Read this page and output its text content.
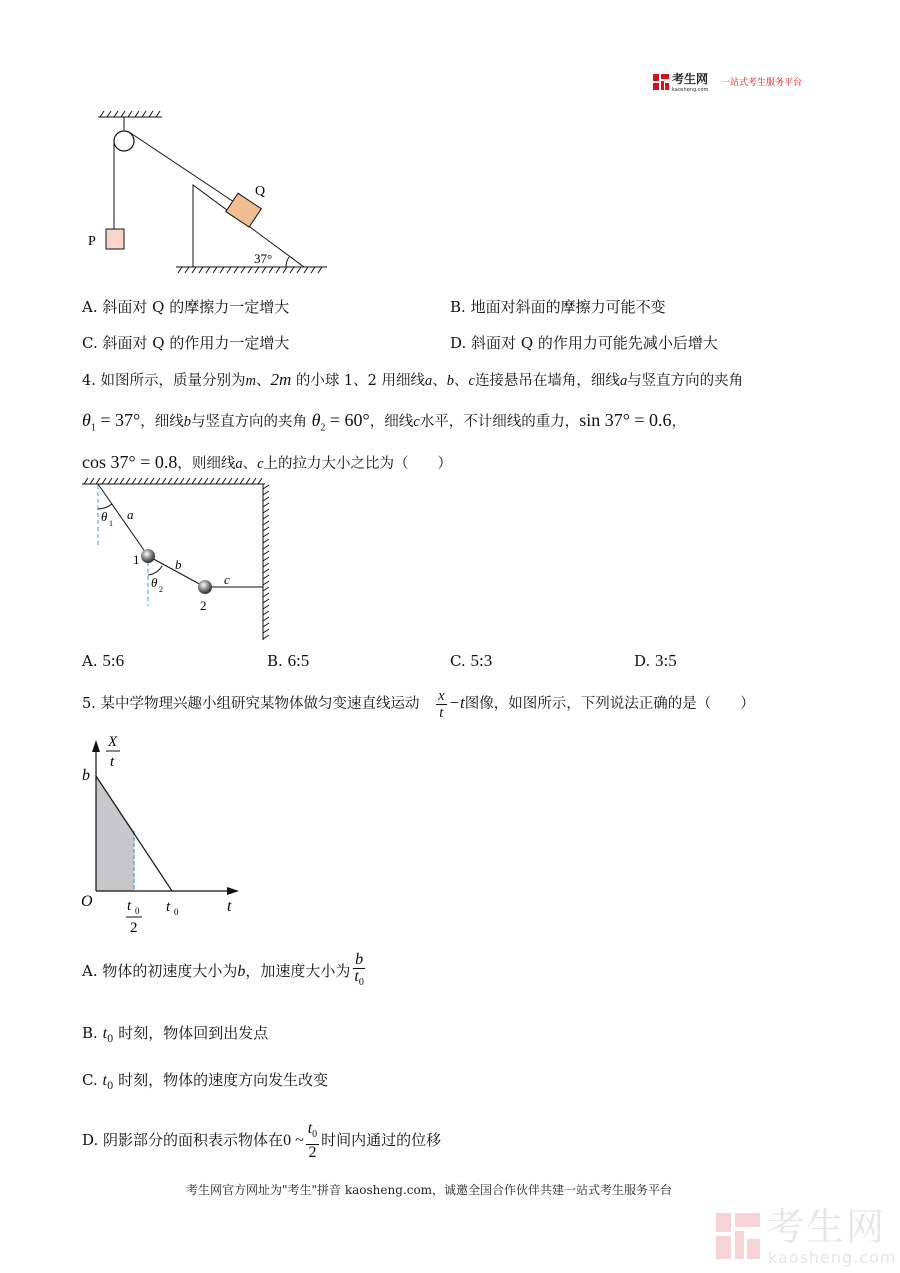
考生网
kaosheng.com
一站式考生服务平台
P
Q
37°
A. 斜面对 Q 的摩擦力一定增大	B. 地面对斜面的摩擦力可能不变
C. 斜面对 Q 的作用力一定增大	D. 斜面对 Q 的作用力可能先减小后增大
4. 如图所示，质量分别为m、2m 的小球 1、2 用细线a、b、c连接悬吊在墙角，细线a与竖直方向的夹角
$\theta_1 = 37^\circ$，细线b与竖直方向的夹角 $\theta_2 = 60^\circ$，细线c水平，不计细线的重力，sin 37° = 0.6，
cos 37° = 0.8，则细线a、c上的拉力大小之比为（　　）
θ 1
a
1	b
θ 2
c
2
A. 5:6	B. 6:5	C. 5:3	D. 3:5
5. 某中学物理兴趣小组研究某物体做匀变速直线运动 $\frac{x}{t} -t$图像，如图所示，下列说法正确的是（　　）
X
t
b
O t 0
2
t 0	t
A. 物体的初速度大小为b，加速度大小为 $\frac{b}{t_0}$
B. $t_0$ 时刻，物体回到出发点
C. $t_0$ 时刻，物体的速度方向发生改变
D. 阴影部分的面积表示物体在0 ~ $\frac{t_0}{2}$ 时间内通过的位移
考生网官方网址为"考生"拼音 kaosheng.com，诚邀全国合作伙伴共建一站式考生服务平台
考生网
kaosheng.com
